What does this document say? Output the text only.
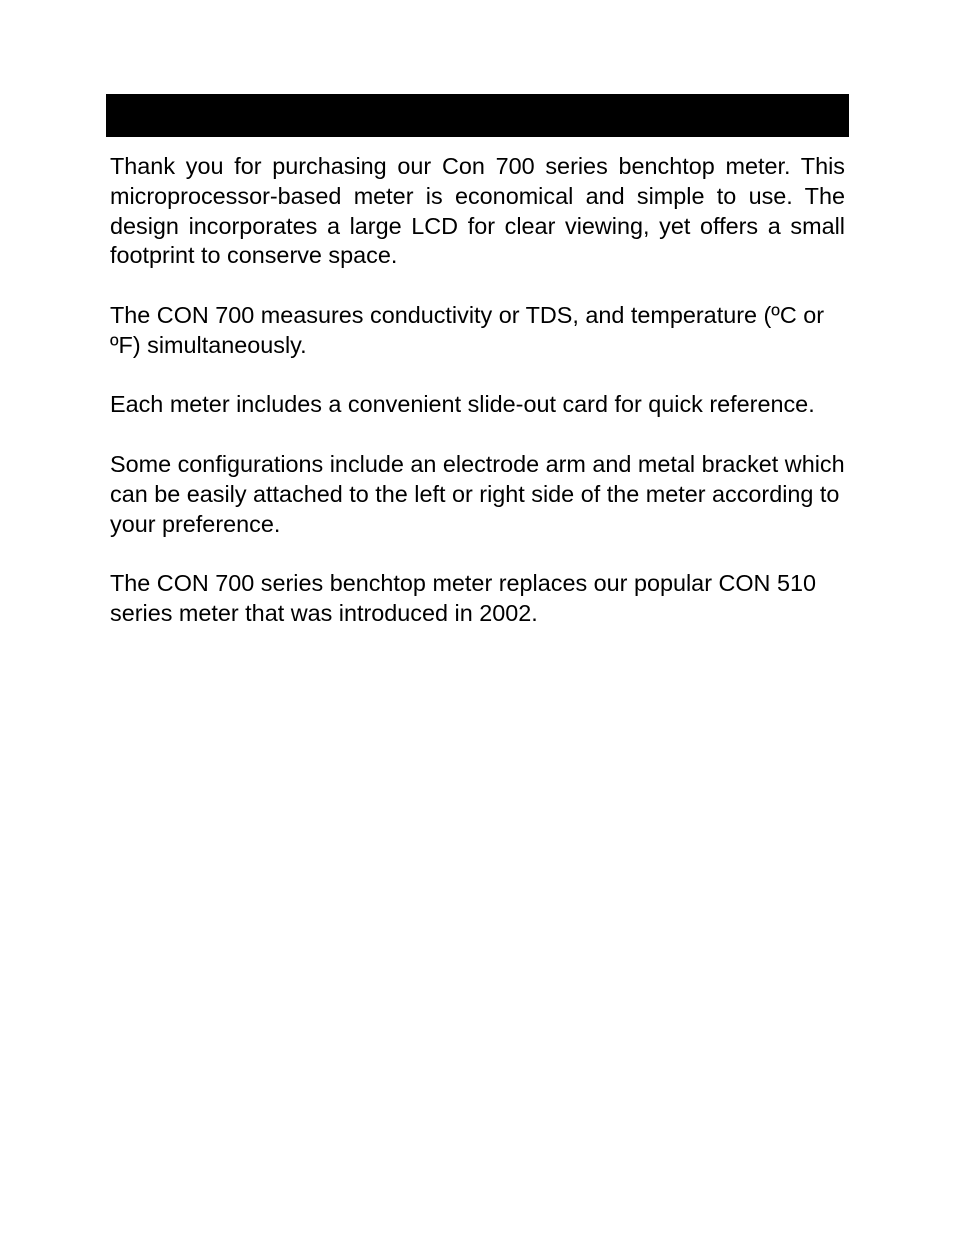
Thank you for purchasing our Con 700 series benchtop meter. This microprocessor-based meter is economical and simple to use. The design incorporates a large LCD for clear viewing, yet offers a small footprint to conserve space.

The CON 700 measures conductivity or TDS, and temperature (ºC or ºF) simultaneously.

Each meter includes a convenient slide-out card for quick reference.

Some configurations include an electrode arm and metal bracket which can be easily attached to the left or right side of the meter according to your preference.

The CON 700 series benchtop meter replaces our popular CON 510 series meter that was introduced in 2002.
